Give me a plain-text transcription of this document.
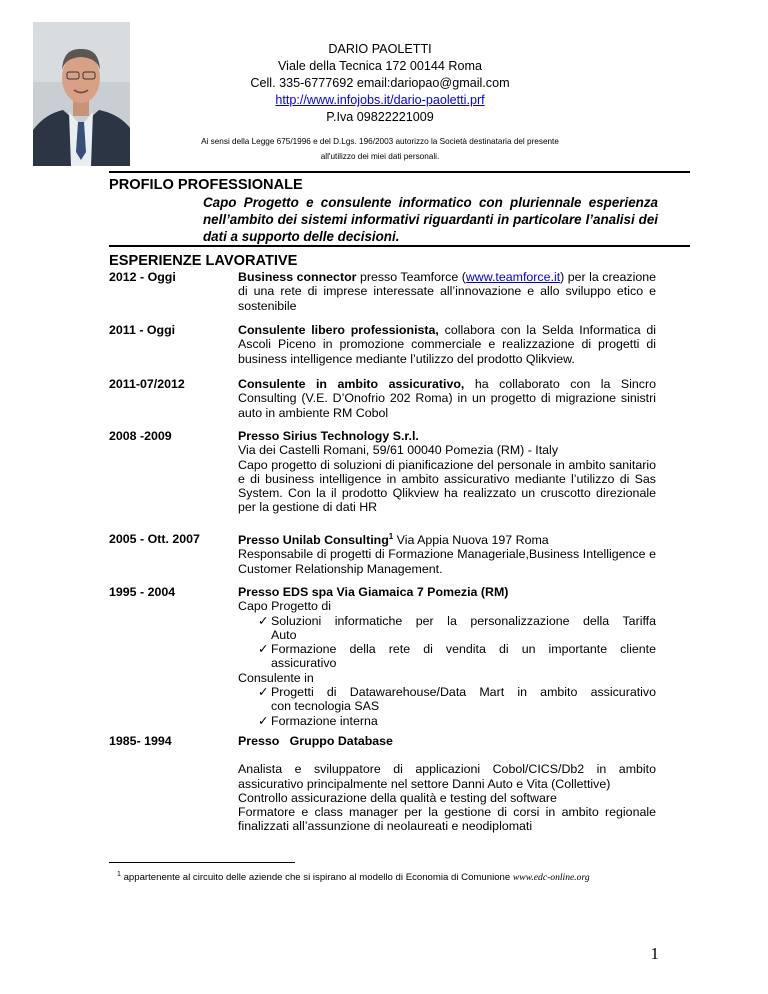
DARIO PAOLETTI
Viale della Tecnica 172 00144 Roma
Cell. 335-6777692 email:dariopao@gmail.com
http://www.infojobs.it/dario-paoletti.prf
P.Iva 09822221009
Ai sensi della Legge 675/1996 e del D.Lgs. 196/2003 autorizzo la Società destinataria del presente
all'utilizzo dei miei dati personali.
PROFILO PROFESSIONALE
Capo Progetto e consulente informatico con pluriennale esperienza nell’ambito dei sistemi informativi riguardanti in particolare l’analisi dei dati a supporto delle decisioni.
ESPERIENZE LAVORATIVE
2012 - Oggi	Business connector presso Teamforce (www.teamforce.it) per la creazione di una rete di imprese interessate all’innovazione e allo sviluppo etico e sostenibile
2011 - Oggi	Consulente libero professionista, collabora con la Selda Informatica di Ascoli Piceno in promozione commerciale e realizzazione di progetti di business intelligence mediante l’utilizzo del prodotto Qlikview.
2011-07/2012	Consulente in ambito assicurativo, ha collaborato con la Sincro Consulting (V.E. D’Onofrio 202 Roma) in un progetto di migrazione sinistri auto in ambiente RM Cobol
2008 -2009	Presso Sirius Technology S.r.l.
Via dei Castelli Romani, 59/61 00040 Pomezia (RM) - Italy
Capo progetto di soluzioni di pianificazione del personale in ambito sanitario e di business intelligence in ambito assicurativo mediante l’utilizzo di Sas System. Con la il prodotto Qlikview ha realizzato un cruscotto direzionale per la gestione di dati HR
2005 - Ott. 2007	Presso Unilab Consulting$^1$ Via Appia Nuova 197 Roma
Responsabile di progetti di Formazione Manageriale,Business Intelligence e Customer Relationship Management.
1995 - 2004	Presso EDS spa Via Giamaica 7 Pomezia (RM)
Capo Progetto di
✓ Soluzioni informatiche per la personalizzazione della Tariffa
Auto
✓ Formazione della rete di vendita di un importante cliente
assicurativo
Consulente in
✓ Progetti di Datawarehouse/Data Mart in ambito assicurativo
con tecnologia SAS
✓ Formazione interna
1985- 1994	Presso Gruppo Database
Analista e sviluppatore di applicazioni Cobol/CICS/Db2 in ambito assicurativo principalmente nel settore Danni Auto e Vita (Collettive)
Controllo assicurazione della qualità e testing del software
Formatore e class manager per la gestione di corsi in ambito regionale finalizzati all’assunzione di neolaureati e neodiplomati
$^1$ appartenente al circuito delle aziende che si ispirano al modello di Economia di Comunione www.edc-online.org
1
